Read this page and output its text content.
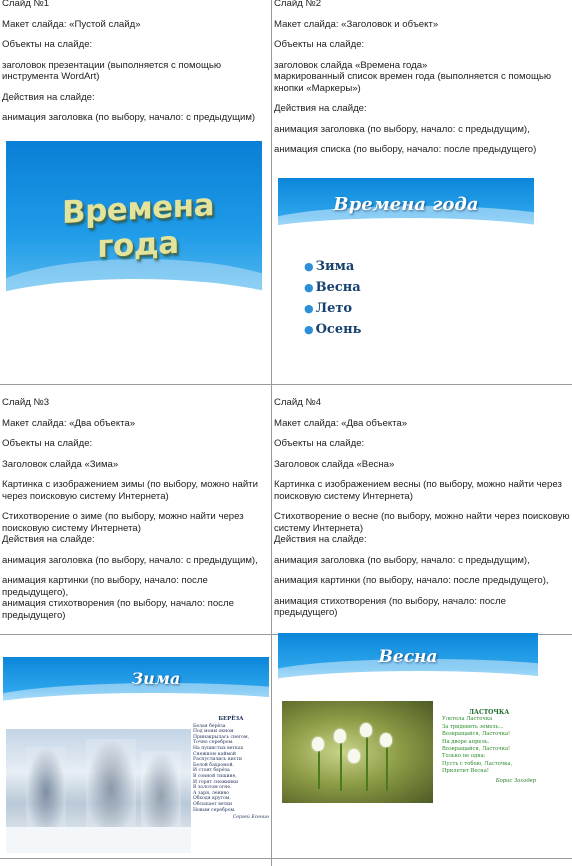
Слайд №1

Макет слайда: «Пустой слайд»

Объекты на слайде:

заголовок презентации (выполняется с помощью инструмента WordArt)

Действия на слайде:

анимация заголовка (по выбору, начало: с предыдущим)

Времена года

Слайд №2

Макет слайда: «Заголовок и объект»

Объекты на слайде:

заголовок слайда «Времена года»

маркированный список времен года (выполняется с помощью кнопки «Маркеры»)

Действия на слайде:

анимация заголовка (по выбору, начало: с предыдущим),

анимация списка (по выбору, начало: после предыдущего)

Времена года
● Зима
● Весна
● Лето
● Осень

Слайд №3

Макет слайда: «Два объекта»

Объекты на слайде:

Заголовок слайда «Зима»

Картинка с изображением зимы (по выбору, можно найти через поисковую систему Интернета)

Стихотворение о зиме (по выбору, можно найти через поисковую систему Интернета)

Действия на слайде:

анимация заголовка (по выбору, начало: с предыдущим),

анимация картинки (по выбору, начало: после предыдущего),

анимация стихотворения (по выбору, начало: после предыдущего)

Зима
БЕРЁЗА
Белая берёза
Под моим окном
Принакрылась снегом,
Точно серебром.
На пушистых ветках
Снежною каймой
Распустились кисти
Белой бахромой.
И стоит берёза
В сонной тишине,
И горят снежинки
В золотом огне.
А заря, лениво
Обходя кругом,
Обсыпает ветки
Новым серебром.
Сергей Есенин

Слайд №4

Макет слайда: «Два объекта»

Объекты на слайде:

Заголовок слайда «Весна»

Картинка с изображением весны (по выбору, можно найти через поисковую систему Интернета)

Стихотворение о весне (по выбору, можно найти через поисковую систему Интернета)

Действия на слайде:

анимация заголовка (по выбору, начало: с предыдущим),

анимация картинки (по выбору, начало: после предыдущего),

анимация стихотворения (по выбору, начало: после предыдущего)

Весна
ЛАСТОЧКА
Улетела Ласточка
За тридевять земель...
Возвращайся, Ласточка!
На дворе апрель.
Возвращайся, Ласточка!
Только не одна:
Пусть с тобою, Ласточка,
Прилетит Весна!
Борис Заходер
